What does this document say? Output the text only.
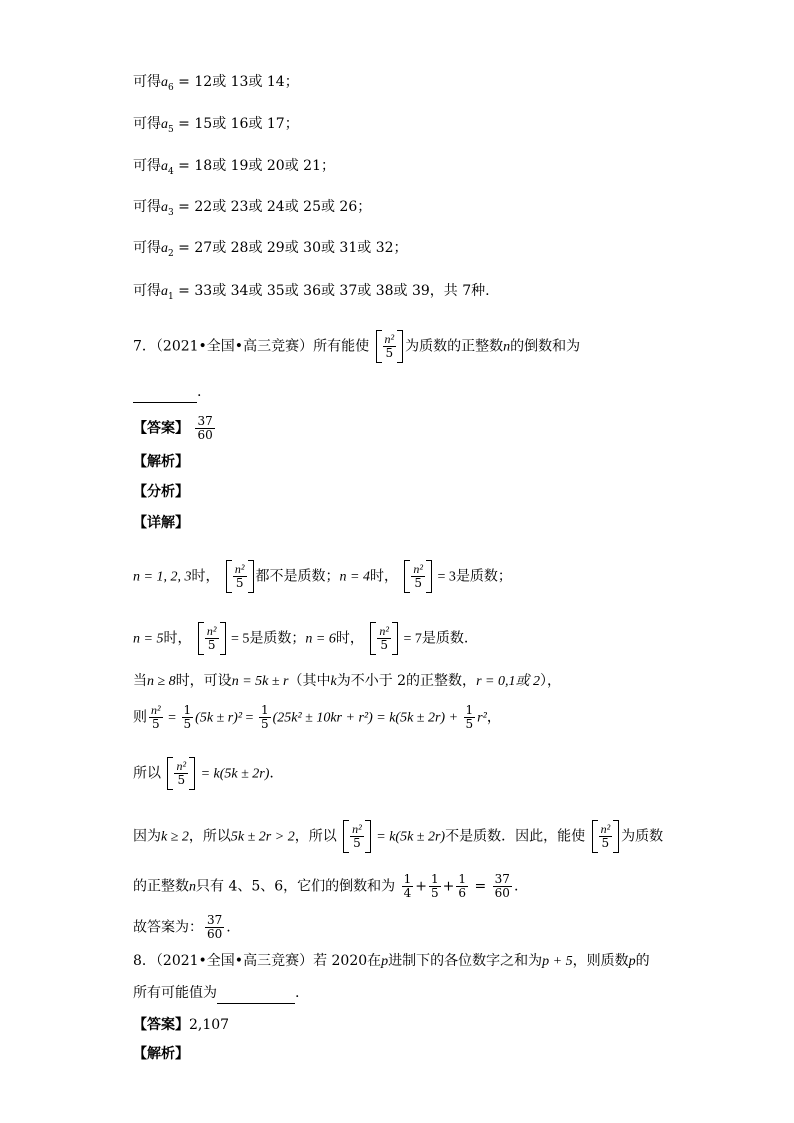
可得$a_6 = 12$或 13或 14；
可得$a_5 = 15$或 16或 17；
可得$a_4 = 18$或 19或 20或 21；
可得$a_3 = 22$或 23或 24或 25或 26；
可得$a_2 = 27$或 28或 29或 30或 31或 32；
可得$a_1 = 33$或 34或 35或 36或 37或 38或 39，共 7种.
7．（2021•全国•高三竞赛）所有能使 $\frac{\text{n²}}{5}$ 为质数的正整数n的倒数和为
.
【答案】 $\frac{37}{60}$
【解析】
【分析】
【详解】
n = 1, 2, 3时， $\frac{\text{n²}}{5}$ 都不是质数；n = 4时， $\frac{\text{n²}}{5} = 3$是质数；
n = 5时， $\frac{\text{n²}}{5} = 5$是质数；n = 6时， $\frac{\text{n²}}{5} = 7$是质数.
当n ≥ 8时，可设n = 5k ± r（其中k为不小于 2的正整数，r = 0,1或 2），
则 $\frac{\text{n²}}{5} = \frac{1}{5} (5k \pm r)^2 = \frac{1}{5} (25k^2 \pm 10kr + r^2) = k(5k \pm 2r) + \frac{1}{5} r^2$，
所以 $\frac{\text{n²}}{5} = k(5k \pm 2r)$.
因为k ≥ 2，所以5k ± 2r > 2，所以 $\frac{\text{n²}}{5} = k(5k \pm 2r)$不是质数．因此，能使 $\frac{\text{n²}}{5}$ 为质数
的正整数n只有 4、5、6，它们的倒数和为 $\frac{1}{4} + \frac{1}{5} + \frac{1}{6} = \frac{37}{60}$ .
故答案为： $\frac{37}{60}$ .
8．（2021•全国•高三竞赛）若 2020在p进制下的各位数字之和为p + 5，则质数p的
所有可能值为	.
【答案】2,107
【解析】
